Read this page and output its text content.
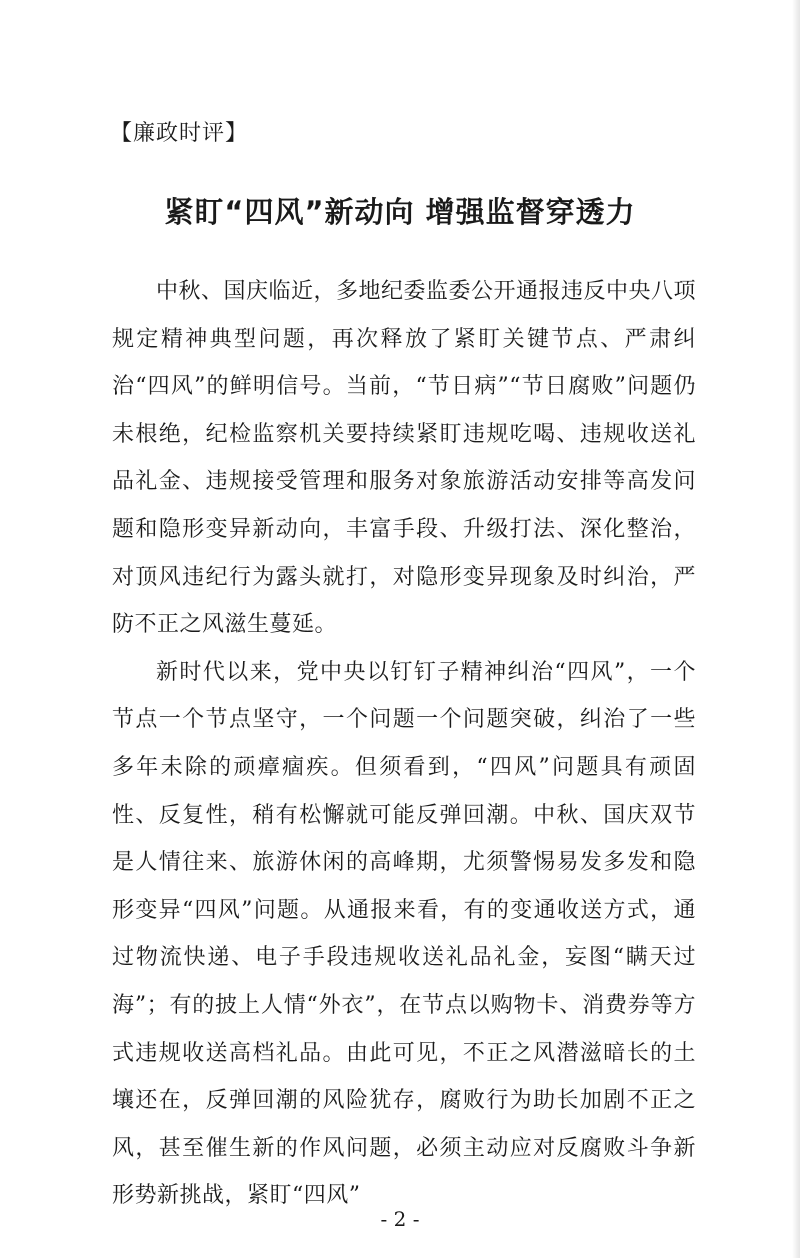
【廉政时评】
紧盯“四风”新动向 增强监督穿透力

中秋、国庆临近，多地纪委监委公开通报违反中央八项规定精神典型问题，再次释放了紧盯关键节点、严肃纠治“四风”的鲜明信号。当前，“节日病”“节日腐败”问题仍未根绝，纪检监察机关要持续紧盯违规吃喝、违规收送礼品礼金、违规接受管理和服务对象旅游活动安排等高发问题和隐形变异新动向，丰富手段、升级打法、深化整治，对顶风违纪行为露头就打，对隐形变异现象及时纠治，严防不正之风滋生蔓延。

新时代以来，党中央以钉钉子精神纠治“四风”，一个节点一个节点坚守，一个问题一个问题突破，纠治了一些多年未除的顽瘴痼疾。但须看到，“四风”问题具有顽固性、反复性，稍有松懈就可能反弹回潮。中秋、国庆双节是人情往来、旅游休闲的高峰期，尤须警惕易发多发和隐形变异“四风”问题。从通报来看，有的变通收送方式，通过物流快递、电子手段违规收送礼品礼金，妄图“瞒天过海”；有的披上人情“外衣”，在节点以购物卡、消费券等方式违规收送高档礼品。由此可见，不正之风潜滋暗长的土壤还在，反弹回潮的风险犹存，腐败行为助长加剧不正之风，甚至催生新的作风问题，必须主动应对反腐败斗争新形势新挑战，紧盯“四风”

- 2 -
